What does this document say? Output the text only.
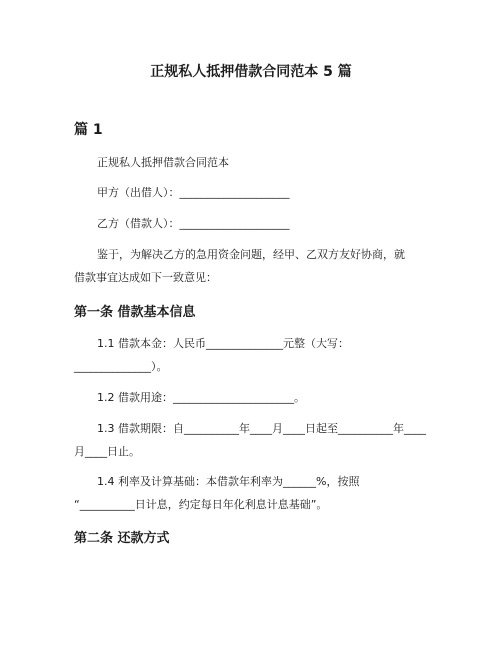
正规私人抵押借款合同范本 5 篇
篇 1
正规私人抵押借款合同范本
甲方（出借人）：____________________
乙方（借款人）：____________________
鉴于，为解决乙方的急用资金问题，经甲、乙双方友好协商，就
借款事宜达成如下一致意见：
第一条 借款基本信息
1.1 借款本金：人民币______________元整（大写：
______________）。
1.2 借款用途：______________________。
1.3 借款期限：自__________年____月____日起至__________年____
月____日止。
1.4 利率及计算基础：本借款年利率为______%，按照
“__________日计息，约定每日年化利息计息基础”。
第二条 还款方式
